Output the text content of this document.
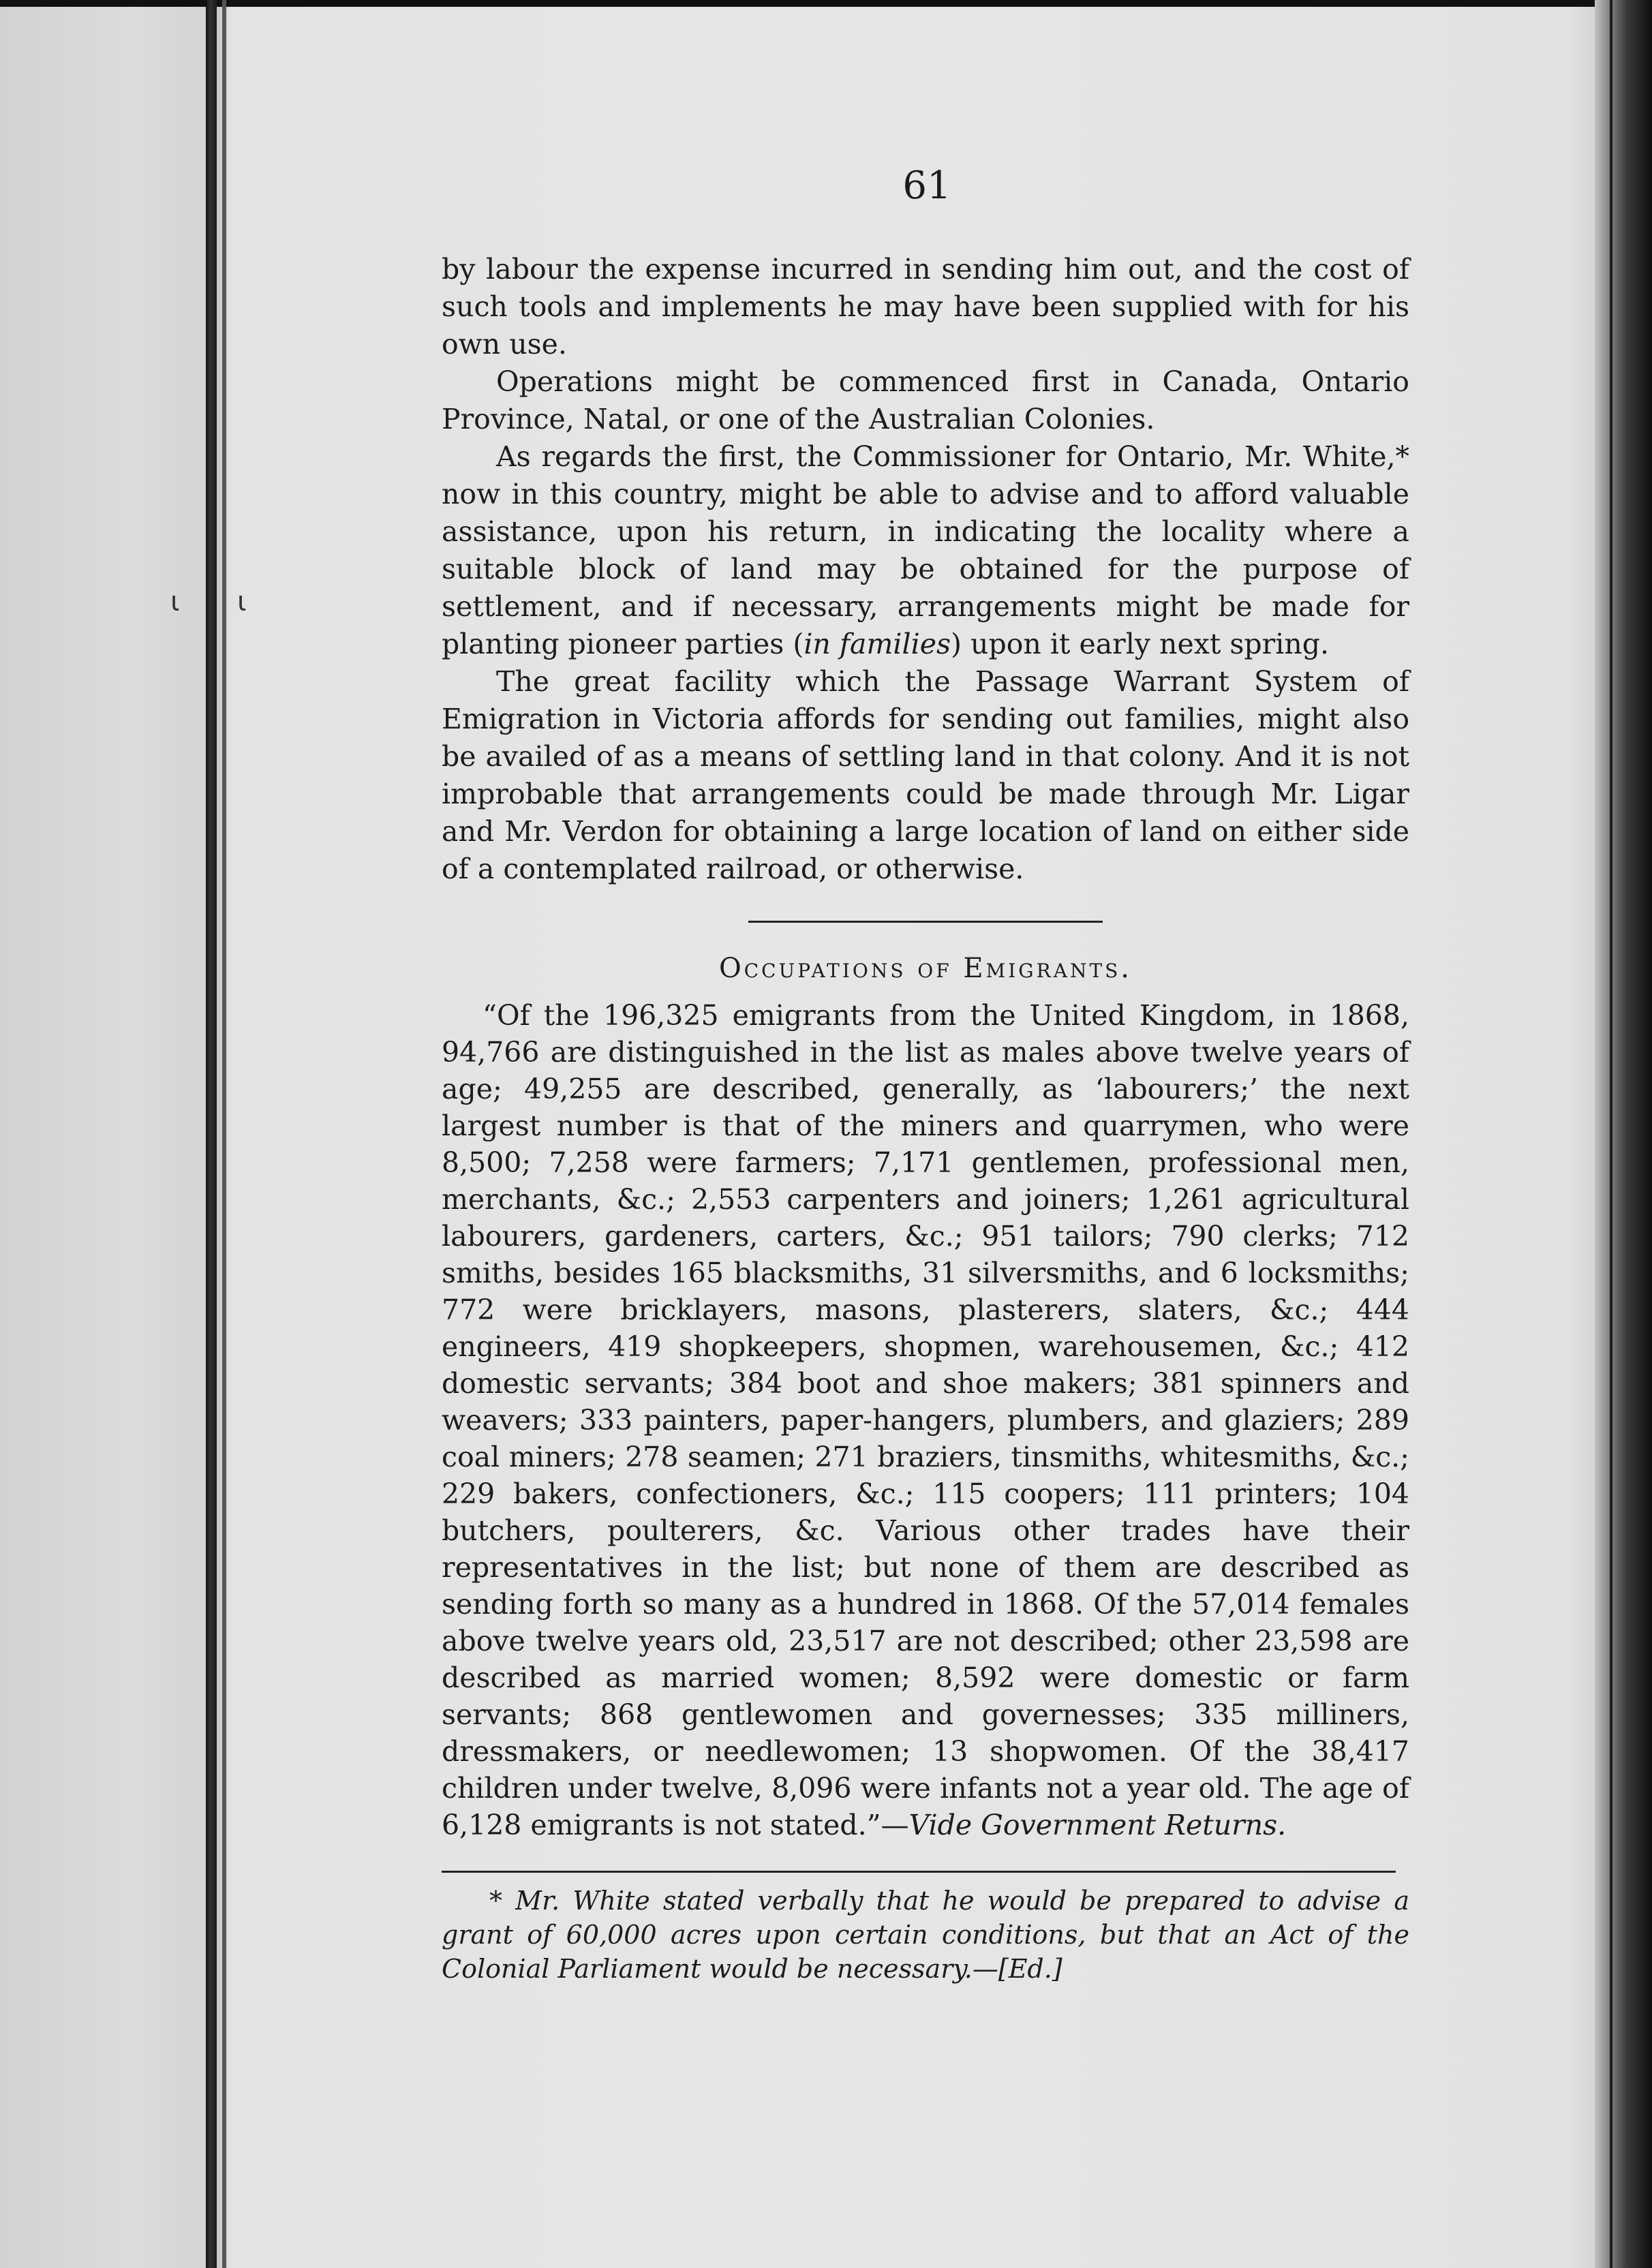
ι ι
61

by labour the expense incurred in sending him out, and the cost of such tools and implements he may have been supplied with for his own use.

Operations might be commenced first in Canada, Ontario Province, Natal, or one of the Australian Colonies.

As regards the first, the Commissioner for Ontario, Mr. White,* now in this country, might be able to advise and to afford valuable assistance, upon his return, in indicating the locality where a suitable block of land may be obtained for the purpose of settlement, and if necessary, arrangements might be made for planting pioneer parties (in families) upon it early next spring.

The great facility which the Passage Warrant System of Emigration in Victoria affords for sending out families, might also be availed of as a means of settling land in that colony. And it is not improbable that arrangements could be made through Mr. Ligar and Mr. Verdon for obtaining a large location of land on either side of a contemplated railroad, or otherwise.

Occupations of Emigrants.

“Of the 196,325 emigrants from the United Kingdom, in 1868, 94,766 are distinguished in the list as males above twelve years of age; 49,255 are described, generally, as ‘labourers;’ the next largest number is that of the miners and quarrymen, who were 8,500; 7,258 were farmers; 7,171 gentlemen, professional men, merchants, &c.; 2,553 carpenters and joiners; 1,261 agricultural labourers, gardeners, carters, &c.; 951 tailors; 790 clerks; 712 smiths, besides 165 blacksmiths, 31 silversmiths, and 6 locksmiths; 772 were bricklayers, masons, plasterers, slaters, &c.; 444 engineers, 419 shopkeepers, shopmen, warehousemen, &c.; 412 domestic servants; 384 boot and shoe makers; 381 spinners and weavers; 333 painters, paper-hangers, plumbers, and glaziers; 289 coal miners; 278 seamen; 271 braziers, tinsmiths, whitesmiths, &c.; 229 bakers, confectioners, &c.; 115 coopers; 111 printers; 104 butchers, poulterers, &c. Various other trades have their representatives in the list; but none of them are described as sending forth so many as a hundred in 1868. Of the 57,014 females above twelve years old, 23,517 are not described; other 23,598 are described as married women; 8,592 were domestic or farm servants; 868 gentlewomen and governesses; 335 milliners, dressmakers, or needlewomen; 13 shopwomen. Of the 38,417 children under twelve, 8,096 were infants not a year old. The age of 6,128 emigrants is not stated.”—Vide Government Returns.

* Mr. White stated verbally that he would be prepared to advise a grant of 60,000 acres upon certain conditions, but that an Act of the Colonial Parliament would be necessary.—[Ed.]
